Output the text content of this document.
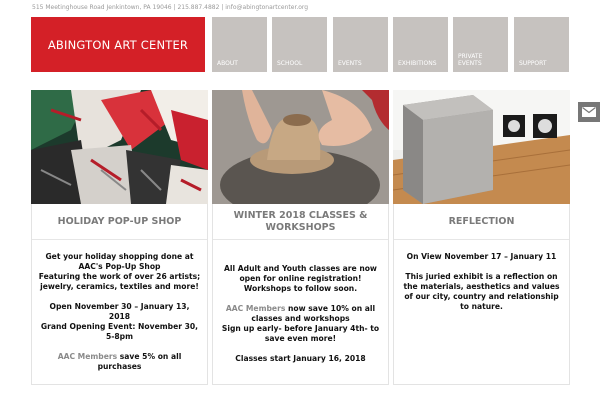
515 Meetinghouse Road Jenkintown, PA 19046 | 215.887.4882 | info@abingtonartcenter.org
ABINGTON ART CENTER
ABOUT	SCHOOL	EVENTS	EXHIBITIONS
PRIVATE
EVENTS	SUPPORT
HOLIDAY POP-UP SHOP

Get your holiday shopping done at AAC's Pop-Up Shop

Featuring the work of over 26 artists; jewelry, ceramics, textiles and more!

Open November 30 – January 13, 2018

Grand Opening Event: November 30, 5-8pm

AAC Members save 5% on all purchases

WINTER 2018 CLASSES &
WORKSHOPS

All Adult and Youth classes are now open for online registration! Workshops to follow soon.

AAC Members now save 10% on all classes and workshops

Sign up early- before January 4th- to save even more!

Classes start January 16, 2018

REFLECTION

On View November 17 – January 11

This juried exhibit is a reflection on the materials, aesthetics and values of our city, country and relationship to nature.
